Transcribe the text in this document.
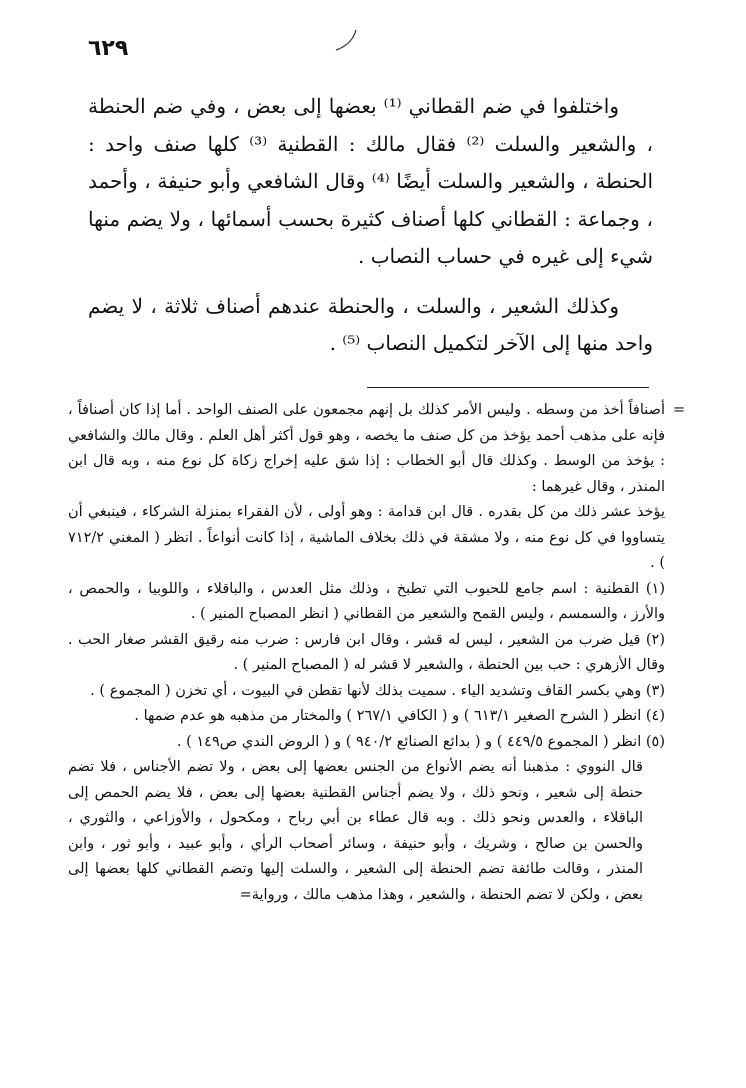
٦٢٩

واختلفوا في ضم القطاني ⁽¹⁾ بعضها إلى بعض ، وفي ضم الحنطة ، والشعير والسلت ⁽²⁾ فقال مالك : القطنية ⁽³⁾ كلها صنف واحد : الحنطة ، والشعير والسلت أيضًا ⁽⁴⁾ وقال الشافعي وأبو حنيفة ، وأحمد ، وجماعة : القطاني كلها أصناف كثيرة بحسب أسمائها ، ولا يضم منها شيء إلى غيره في حساب النصاب .

وكذلك الشعير ، والسلت ، والحنطة عندهم أصناف ثلاثة ، لا يضم واحد منها إلى الآخر لتكميل النصاب ⁽⁵⁾ .

=
أصنافاً أخذ من وسطه . وليس الأمر كذلك بل إنهم مجمعون على الصنف الواحد . أما إذا كان أصنافاً ، فإنه على مذهب أحمد يؤخذ من كل صنف ما يخصه ، وهو قول أكثر أهل العلم . وقال مالك والشافعي : يؤخذ من الوسط . وكذلك قال أبو الخطاب : إذا شق عليه إخراج زكاة كل نوع منه ، وبه قال ابن المنذر ، وقال غيرهما :

يؤخذ عشر ذلك من كل بقدره . قال ابن قدامة : وهو أولى ، لأن الفقراء بمنزلة الشركاء ، فينبغي أن يتساووا في كل نوع منه ، ولا مشقة في ذلك بخلاف الماشية ، إذا كانت أنواعاً . انظر ( المغني ٧١٢/٢ ) .

(١) القطنية : اسم جامع للحبوب التي تطبخ ، وذلك مثل العدس ، والباقلاء ، واللوبيا ، والحمص ، والأرز ، والسمسم ، وليس القمح والشعير من القطاني ( انظر المصباح المنير ) .

(٢) قيل ضرب من الشعير ، ليس له قشر ، وقال ابن فارس : ضرب منه رقيق القشر صغار الحب . وقال الأزهري : حب بين الحنطة ، والشعير لا قشر له ( المصباح المنير ) .

(٣) وهي بكسر القاف وتشديد الياء . سميت بذلك لأنها تقطن في البيوت ، أي تخزن ( المجموع ) .

(٤) انظر ( الشرح الصغير ٦١٣/١ ) و ( الكافي ٢٦٧/١ ) والمختار من مذهبه هو عدم ضمها .

(٥) انظر ( المجموع ٤٤٩/٥ ) و ( بدائع الصنائع ٩٤٠/٢ ) و ( الروض الندي ص١٤٩ ) .

قال النووي : مذهبنا أنه يضم الأنواع من الجنس بعضها إلى بعض ، ولا تضم الأجناس ، فلا تضم حنطة إلى شعير ، ونحو ذلك ، ولا يضم أجناس القطنية بعضها إلى بعض ، فلا يضم الحمص إلى الباقلاء ، والعدس ونحو ذلك . وبه قال عطاء بن أبي رباح ، ومكحول ، والأوزاعي ، والثوري ، والحسن بن صالح ، وشريك ، وأبو حنيفة ، وسائر أصحاب الرأي ، وأبو عبيد ، وأبو ثور ، وابن المنذر ، وقالت طائفة تضم الحنطة إلى الشعير ، والسلت إليها وتضم القطاني كلها بعضها إلى بعض ، ولكن لا تضم الحنطة ، والشعير ، وهذا مذهب مالك ، ورواية=
